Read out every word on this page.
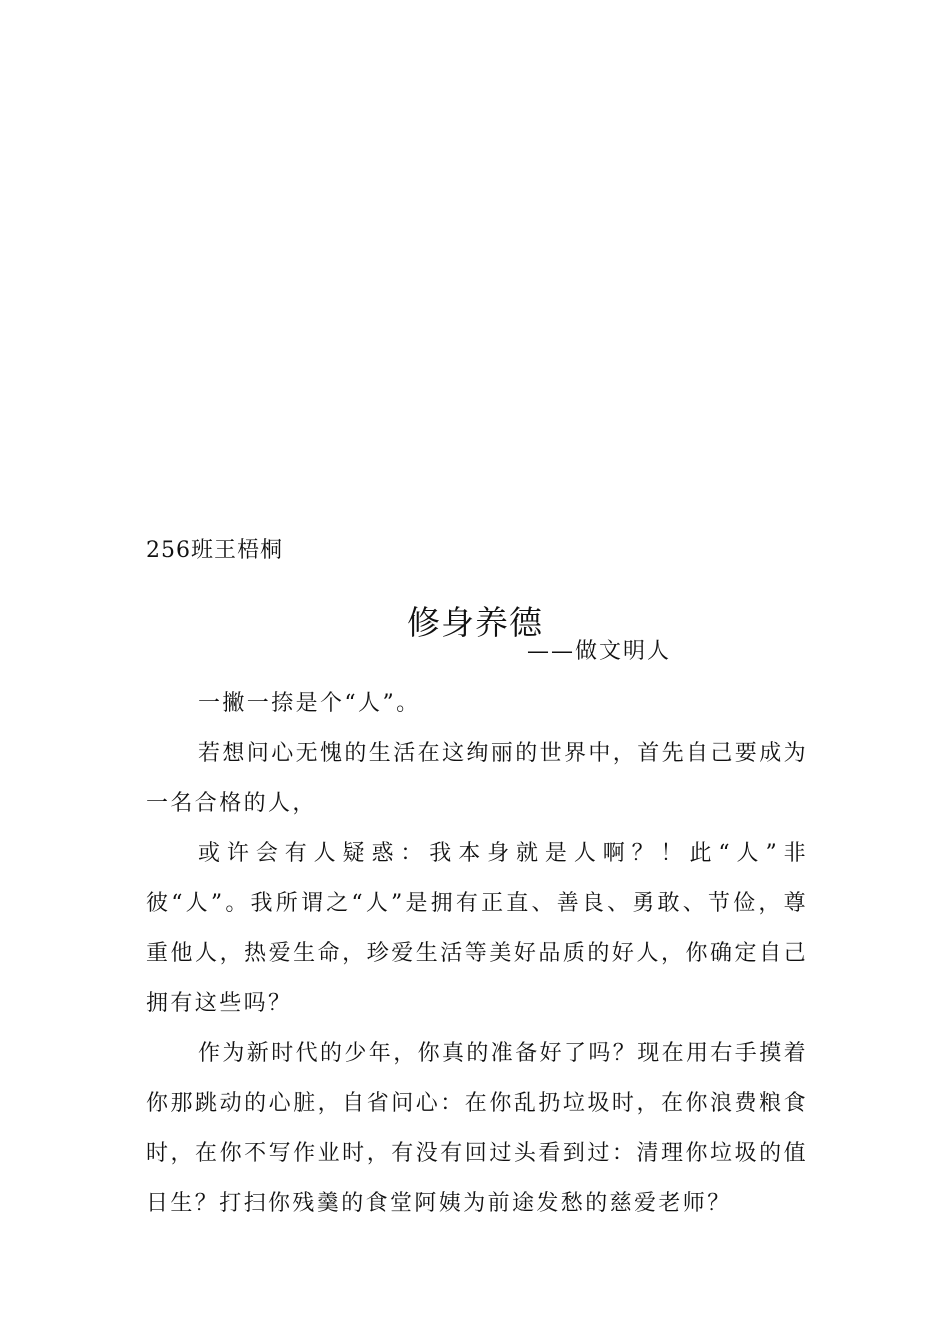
256班王梧桐
修身养德
——做文明人

一撇一捺是个“人”。

若想问心无愧的生活在这绚丽的世界中，首先自己要成为一名合格的人，

或许会有人疑惑：我本身就是人啊？！此“人”非彼“人”。我所谓之“人”是拥有正直、善良、勇敢、节俭，尊重他人，热爱生命，珍爱生活等美好品质的好人，你确定自己拥有这些吗？

作为新时代的少年，你真的准备好了吗？现在用右手摸着你那跳动的心脏，自省问心：在你乱扔垃圾时，在你浪费粮食时，在你不写作业时，有没有回过头看到过：清理你垃圾的值日生？打扫你残羹的食堂阿姨为前途发愁的慈爱老师？
